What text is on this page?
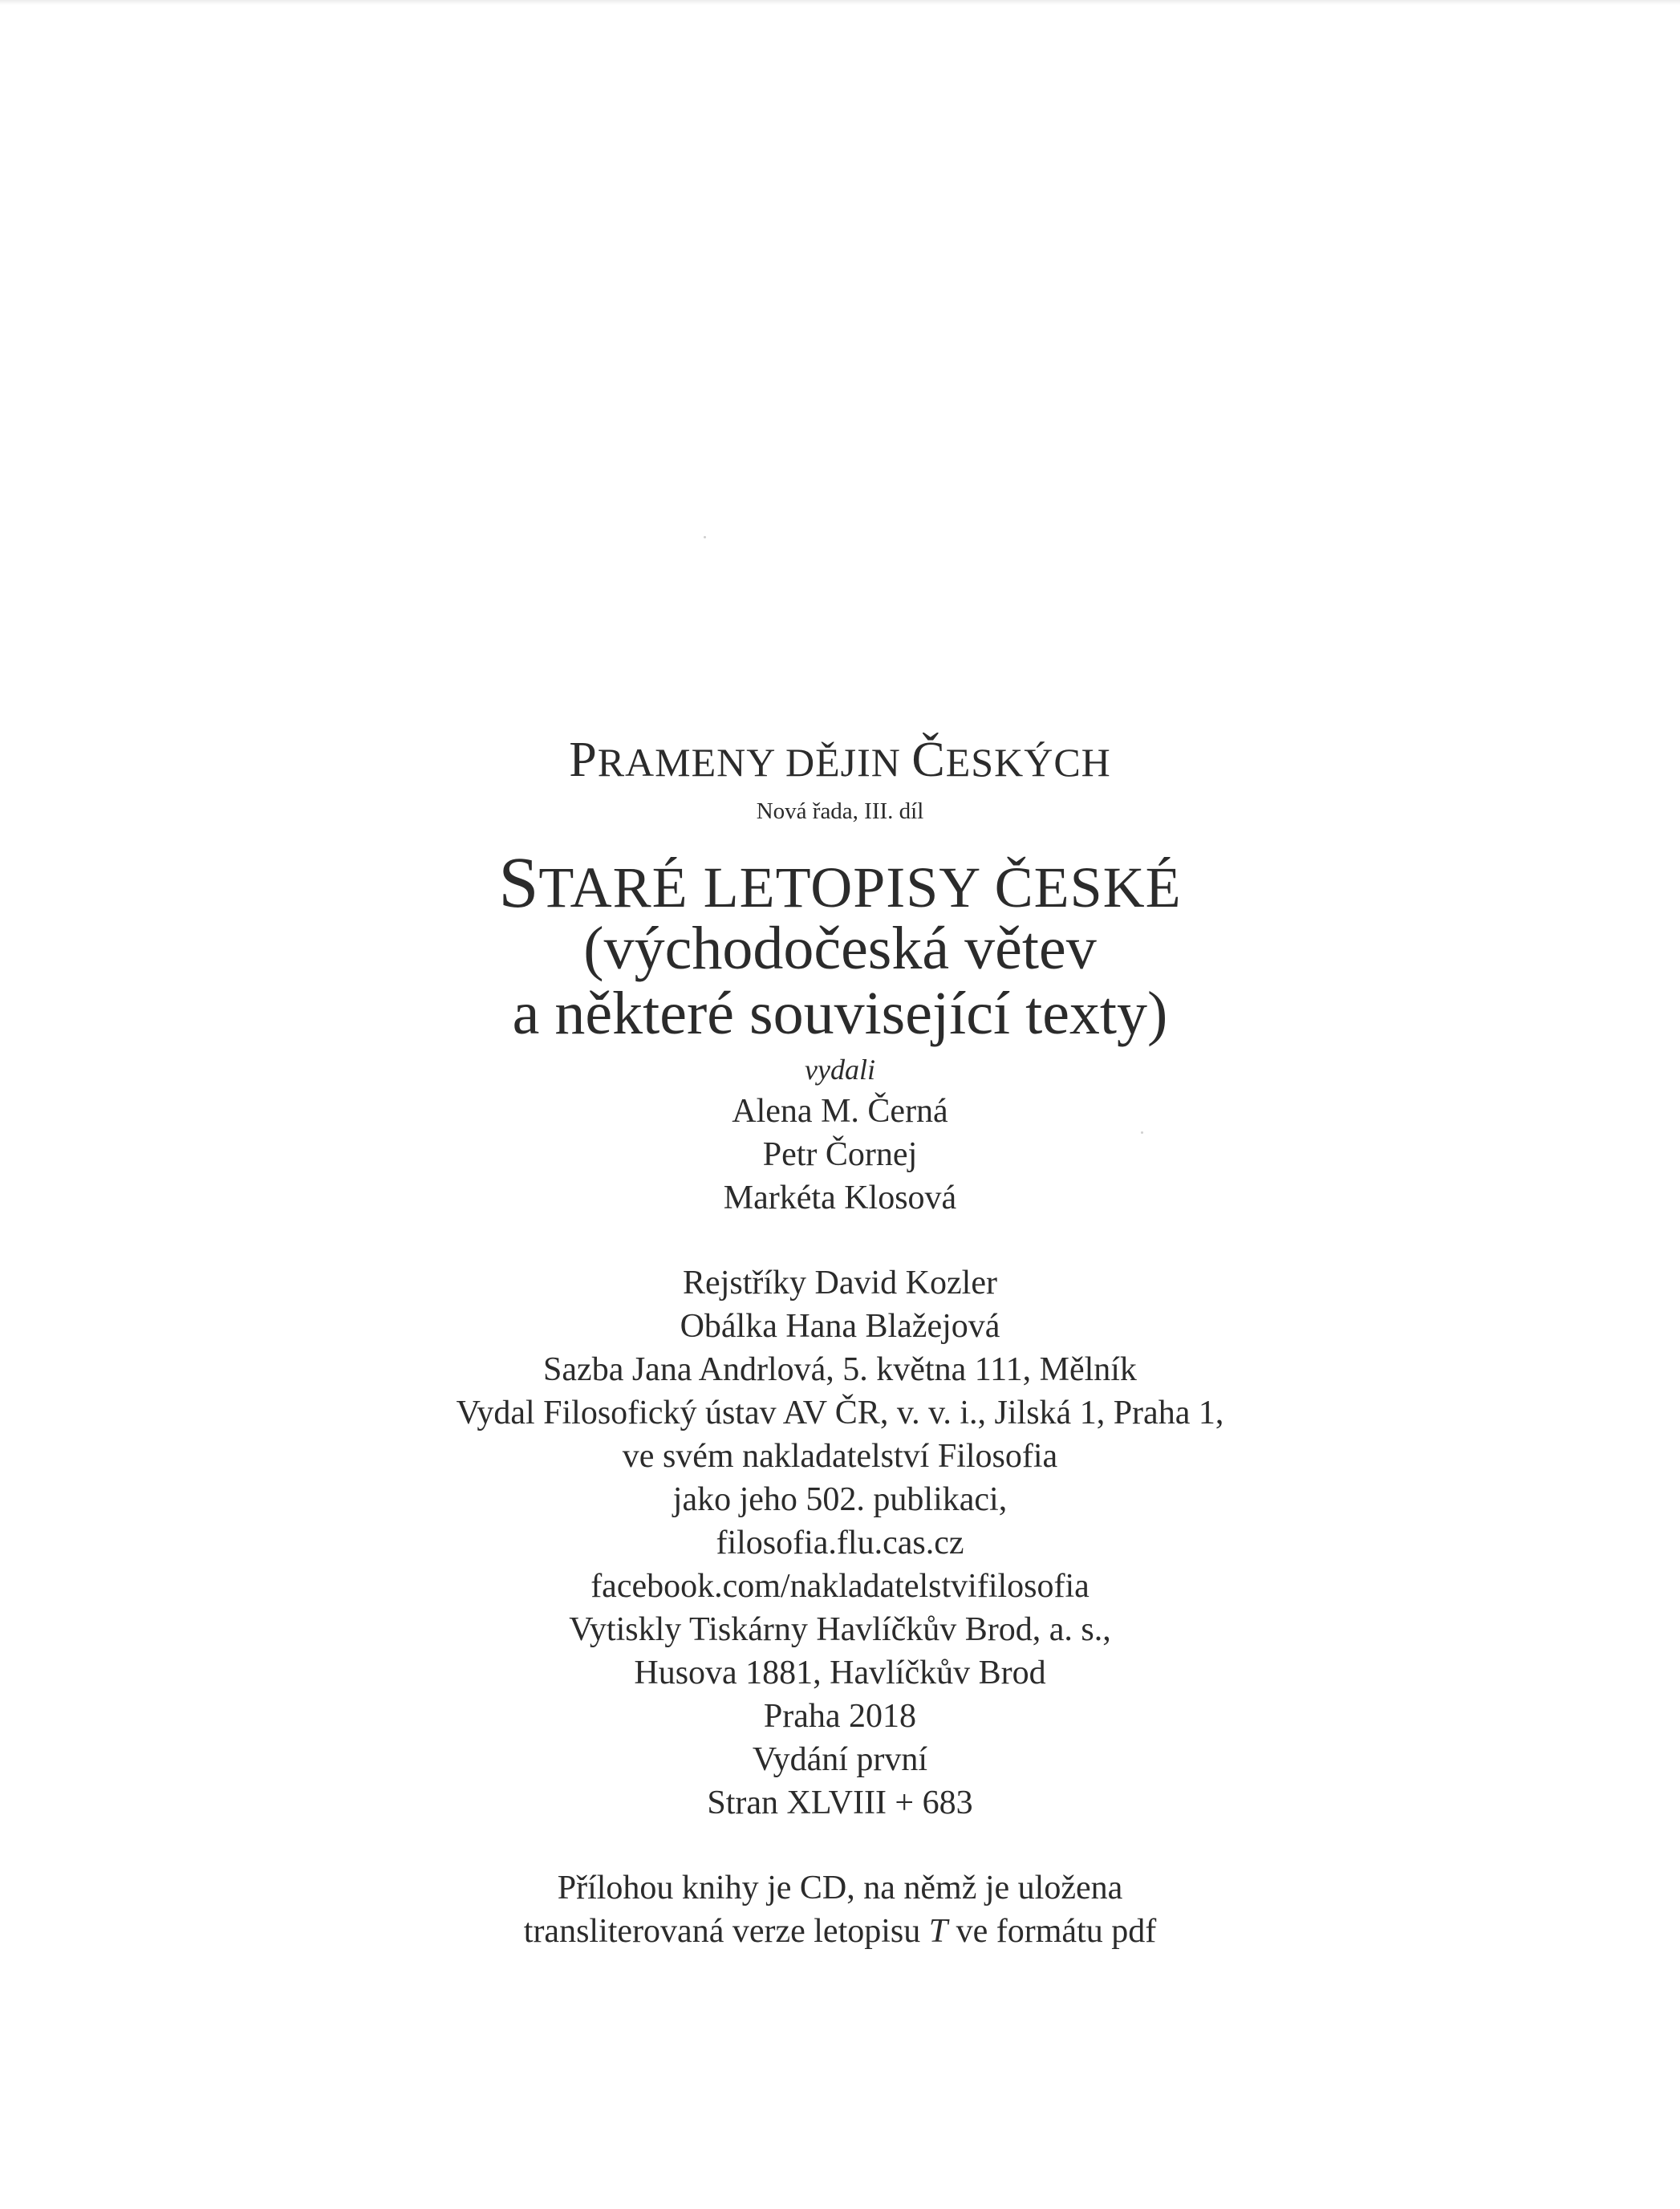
PRAMENY DĚJIN ČESKÝCH
Nová řada, III. díl
STARÉ LETOPISY ČESKÉ
(východočeská větev
a některé související texty)
vydali
Alena M. Černá
Petr Čornej
Markéta Klosová
Rejstříky David Kozler
Obálka Hana Blažejová
Sazba Jana Andrlová, 5. května 111, Mělník
Vydal Filosofický ústav AV ČR, v. v. i., Jilská 1, Praha 1,
ve svém nakladatelství Filosofia
jako jeho 502. publikaci,
filosofia.flu.cas.cz
facebook.com/nakladatelstvifilosofia
Vytiskly Tiskárny Havlíčkův Brod, a. s.,
Husova 1881, Havlíčkův Brod
Praha 2018
Vydání první
Stran XLVIII + 683
Přílohou knihy je CD, na němž je uložena
transliterovaná verze letopisu T ve formátu pdf
